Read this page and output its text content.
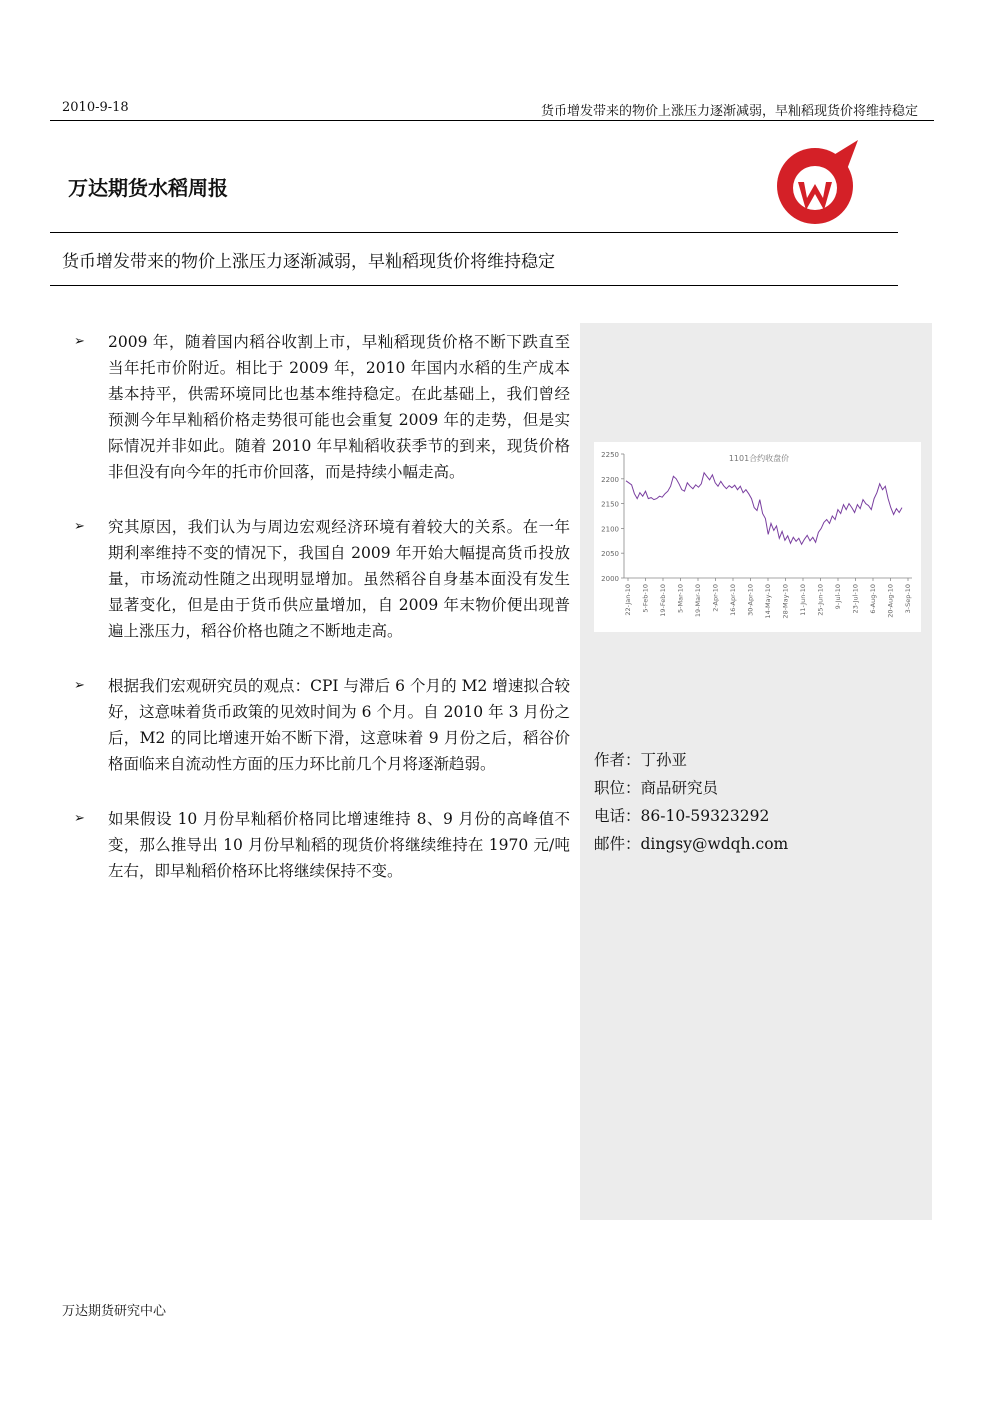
2010-9-18	货币增发带来的物价上涨压力逐渐减弱，早籼稻现货价将维持稳定
万达期货水稻周报
货币增发带来的物价上涨压力逐渐减弱，早籼稻现货价将维持稳定
➢ 2009 年，随着国内稻谷收割上市，早籼稻现货价格不断下跌直至当年托市价附近。相比于 2009 年，2010 年国内水稻的生产成本基本持平，供需环境同比也基本维持稳定。在此基础上，我们曾经预测今年早籼稻价格走势很可能也会重复 2009 年的走势，但是实际情况并非如此。随着 2010 年早籼稻收获季节的到来，现货价格非但没有向今年的托市价回落，而是持续小幅走高。
➢ 究其原因，我们认为与周边宏观经济环境有着较大的关系。在一年期利率维持不变的情况下，我国自 2009 年开始大幅提高货币投放量，市场流动性随之出现明显增加。虽然稻谷自身基本面没有发生显著变化，但是由于货币供应量增加，自 2009 年末物价便出现普遍上涨压力，稻谷价格也随之不断地走高。
➢ 根据我们宏观研究员的观点：CPI 与滞后 6 个月的 M2 增速拟合较好，这意味着货币政策的见效时间为 6 个月。自 2010 年 3 月份之后，M2 的同比增速开始不断下滑，这意味着 9 月份之后，稻谷价格面临来自流动性方面的压力环比前几个月将逐渐趋弱。
➢ 如果假设 10 月份早籼稻价格同比增速维持 8、9 月份的高峰值不变，那么推导出 10 月份早籼稻的现货价将继续维持在 1970 元/吨左右，即早籼稻价格环比将继续保持不变。
2000
2050
2100
2150
2200
2250
22-Jan-10 5-Feb-10 19-Feb-10 5-Mar-10 19-Mar-10 2-Apr-10 16-Apr-10 30-Apr-10 14-May-10 28-May-10 11-Jun-10 25-Jun-10 9-Jul-10 23-Jul-10 6-Aug-10 20-Aug-10 3-Sep-10
1101合约收盘价
作者：丁孙亚
职位：商品研究员
电话：86-10-59323292
邮件：dingsy@wdqh.com
万达期货研究中心
